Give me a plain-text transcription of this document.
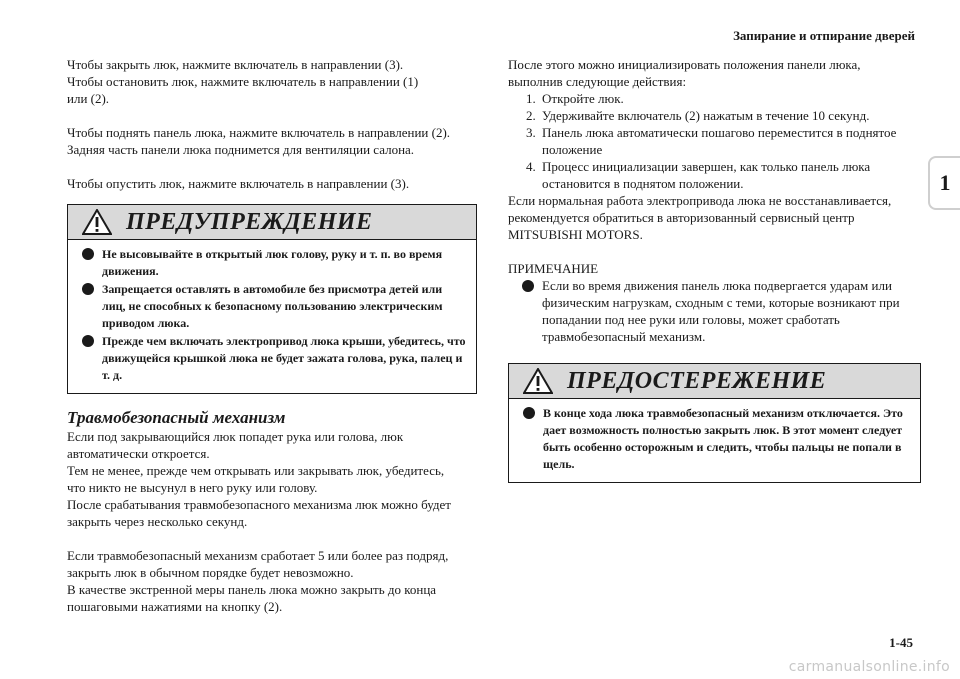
Запирание и отпирание дверей
1

Чтобы закрыть люк, нажмите включатель в направлении (3).

Чтобы остановить люк, нажмите включатель в направлении (1)

или (2).

Чтобы поднять панель люка, нажмите включатель в направлении (2).

Задняя часть панели люка поднимется для вентиляции салона.

Чтобы опустить люк, нажмите включатель в направлении (3).

ПРЕДУПРЕЖДЕНИЕ
Не высовывайте в открытый люк голову, руку и т. п. во время движения.
Запрещается оставлять в автомобиле без присмотра детей или лиц, не способных к безопасному пользованию электрическим приводом люка.
Прежде чем включать электропривод люка крыши, убедитесь, что движущейся крышкой люка не будет зажата голова, рука, палец и т. д.
Травмобезопасный механизм

Если под закрывающийся люк попадет рука или голова, люк

автоматически откроется.

Тем не менее, прежде чем открывать или закрывать люк, убедитесь,

что никто не высунул в него руку или голову.

После срабатывания травмобезопасного механизма люк можно будет

закрыть через несколько секунд.

Если травмобезопасный механизм сработает 5 или более раз подряд,

закрыть люк в обычном порядке будет невозможно.

В качестве экстренной меры панель люка можно закрыть до конца

пошаговыми нажатиями на кнопку (2).

После этого можно инициализировать положения панели люка,

выполнив следующие действия:

1. Откройте люк.
2. Удерживайте включатель (2) нажатым в течение 10 секунд.
3. Панель люка автоматически пошагово переместится в поднятое положение
4. Процесс инициализации завершен, как только панель люка остановится в поднятом положении.

Если нормальная работа электропривода люка не восстанавливается,

рекомендуется обратиться в авторизованный сервисный центр

MITSUBISHI MOTORS.

ПРИМЕЧАНИЕ

Если во время движения панель люка подвергается ударам или физическим нагрузкам, сходным с теми, которые возникают при попадании под нее руки или головы, может сработать травмобезопасный механизм.
ПРЕДОСТЕРЕЖЕНИЕ
В конце хода люка травмобезопасный механизм отключается. Это дает возможность полностью закрыть люк. В этот момент следует быть особенно осторожным и следить, чтобы пальцы не попали в щель.
1-45
carmanualsonline.info
